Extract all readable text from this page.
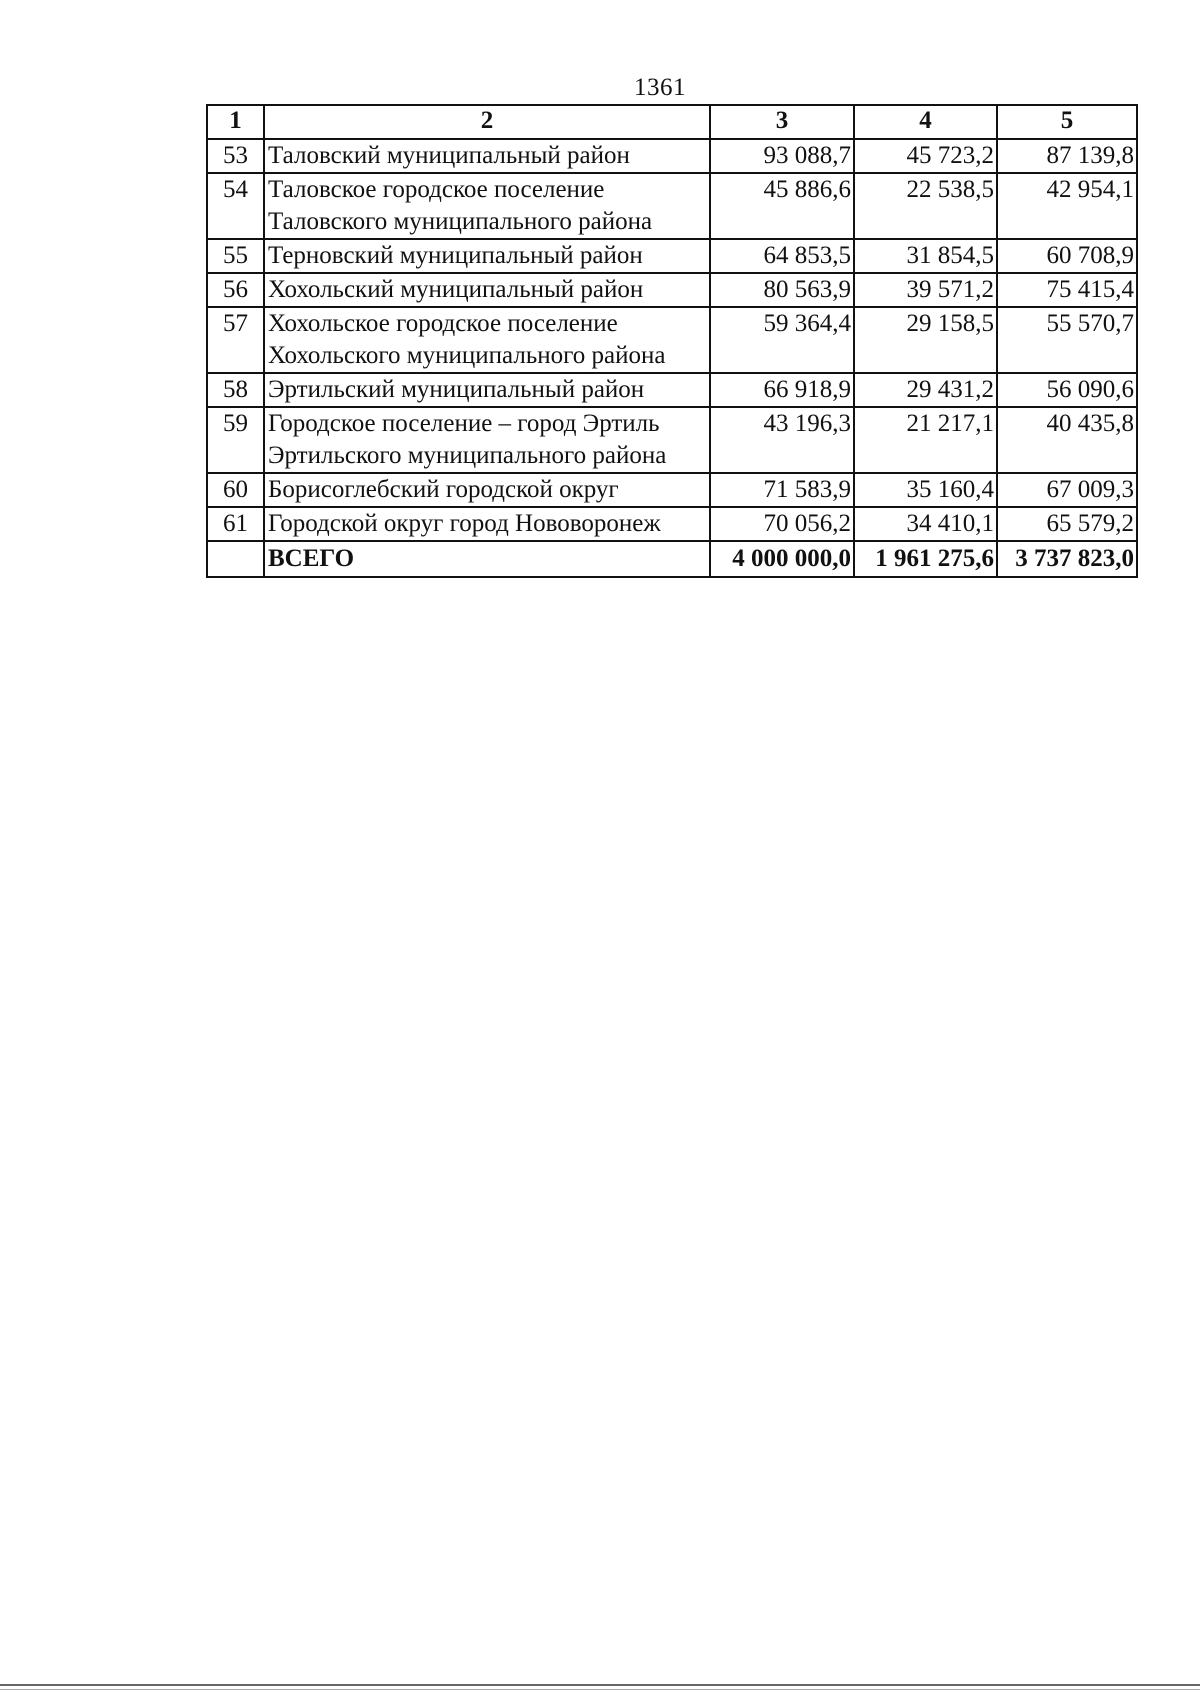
1361
1	2	3	4	5
53	Таловский муниципальный район	93 088,7	45 723,2	87 139,8
54	Таловское городское поселение Таловского муниципального района	45 886,6	22 538,5	42 954,1
55	Терновский муниципальный район	64 853,5	31 854,5	60 708,9
56	Хохольский муниципальный район	80 563,9	39 571,2	75 415,4
57	Хохольское городское поселение Хохольского муниципального района	59 364,4	29 158,5	55 570,7
58	Эртильский муниципальный район	66 918,9	29 431,2	56 090,6
59	Городское поселение – город Эртиль Эртильского муниципального района	43 196,3	21 217,1	40 435,8
60	Борисоглебский городской округ	71 583,9	35 160,4	67 009,3
61	Городской округ город Нововоронеж	70 056,2	34 410,1	65 579,2
	ВСЕГО	4 000 000,0	1 961 275,6	3 737 823,0
